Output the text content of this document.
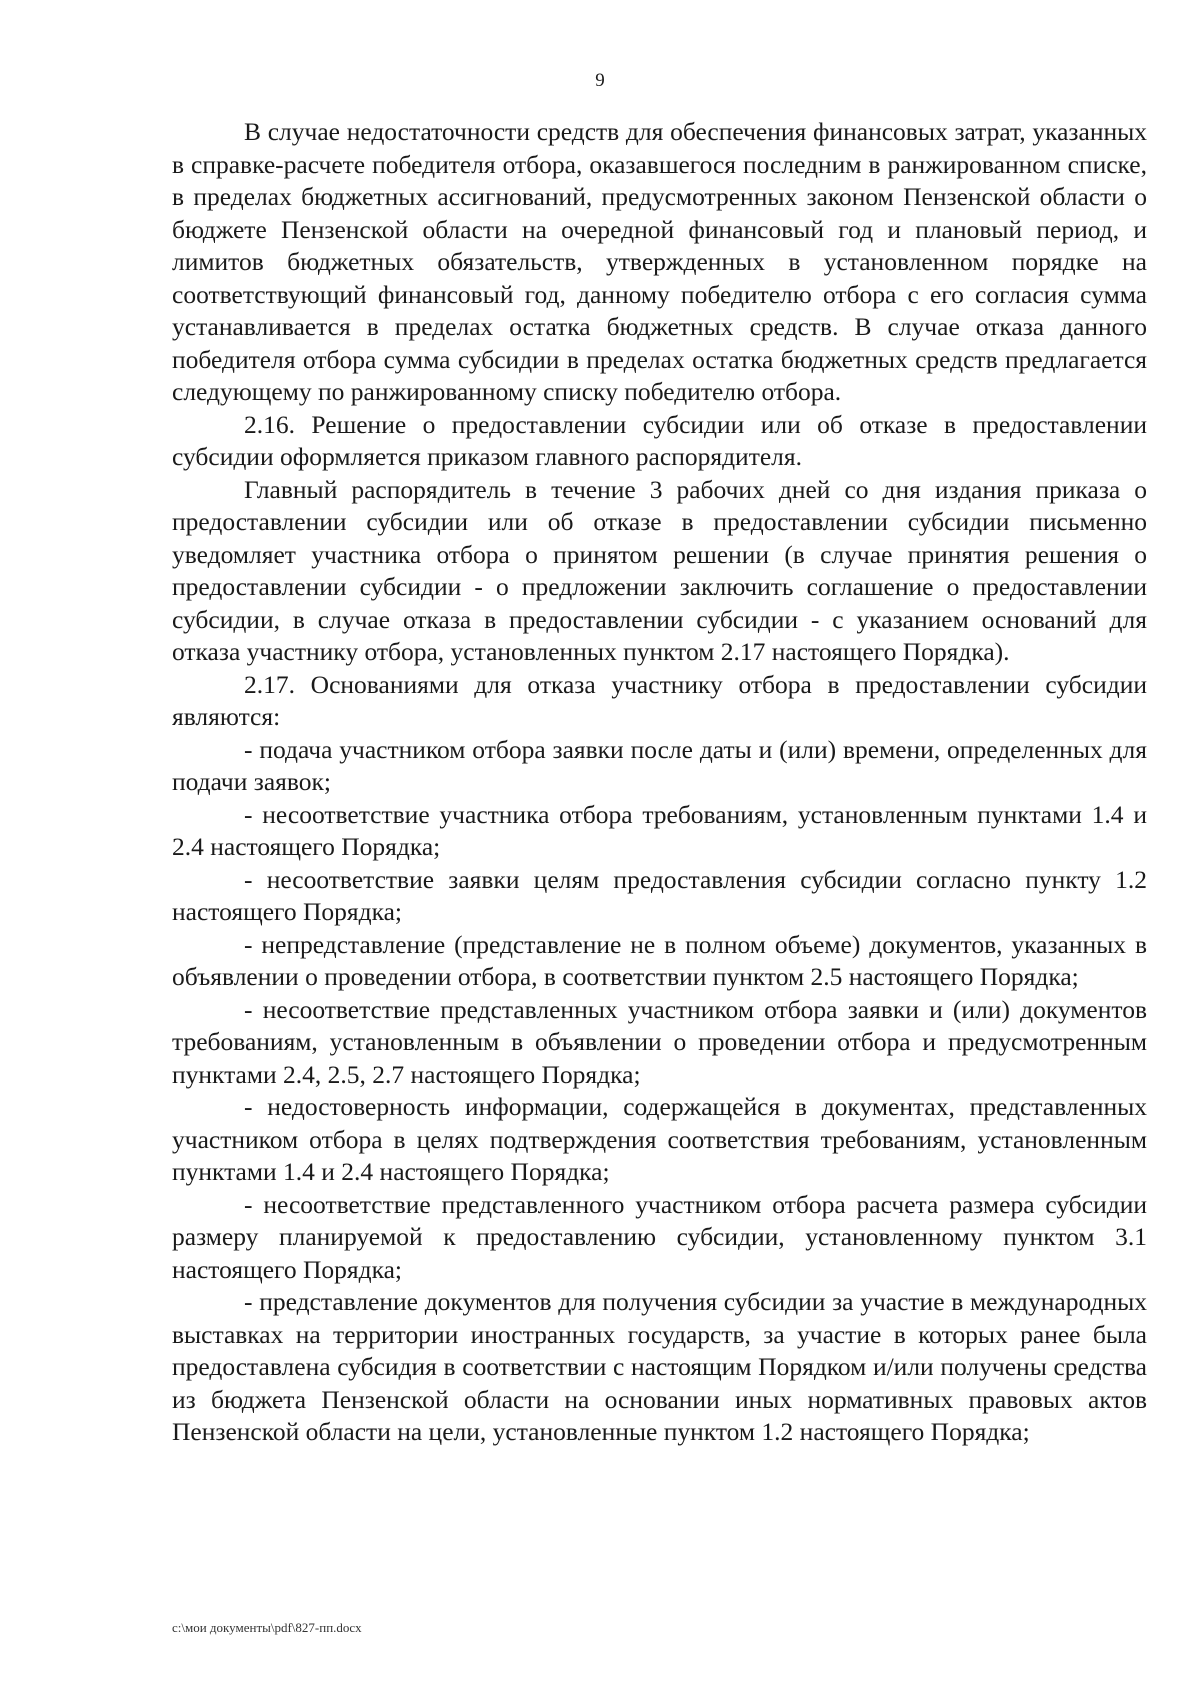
9

В случае недостаточности средств для обеспечения финансовых затрат, указанных в справке-расчете победителя отбора, оказавшегося последним в ранжированном списке, в пределах бюджетных ассигнований, предусмотренных законом Пензенской области о бюджете Пензенской области на очередной финансовый год и плановый период, и лимитов бюджетных обязательств, утвержденных в установленном порядке на соответствующий финансовый год, данному победителю отбора с его согласия сумма устанавливается в пределах остатка бюджетных средств. В случае отказа данного победителя отбора сумма субсидии в пределах остатка бюджетных средств предлагается следующему по ранжированному списку победителю отбора.

2.16. Решение о предоставлении субсидии или об отказе в предоставлении субсидии оформляется приказом главного распорядителя.

Главный распорядитель в течение 3 рабочих дней со дня издания приказа о предоставлении субсидии или об отказе в предоставлении субсидии письменно уведомляет участника отбора о принятом решении (в случае принятия решения о предоставлении субсидии - о предложении заключить соглашение о предоставлении субсидии, в случае отказа в предоставлении субсидии - с указанием оснований для отказа участнику отбора, установленных пунктом 2.17 настоящего Порядка).

2.17. Основаниями для отказа участнику отбора в предоставлении субсидии являются:

- подача участником отбора заявки после даты и (или) времени, определенных для подачи заявок;

- несоответствие участника отбора требованиям, установленным пунктами 1.4 и 2.4 настоящего Порядка;

- несоответствие заявки целям предоставления субсидии согласно пункту 1.2 настоящего Порядка;

- непредставление (представление не в полном объеме) документов, указанных в объявлении о проведении отбора, в соответствии пунктом 2.5 настоящего Порядка;

- несоответствие представленных участником отбора заявки и (или) документов требованиям, установленным в объявлении о проведении отбора и предусмотренным пунктами 2.4, 2.5, 2.7 настоящего Порядка;

- недостоверность информации, содержащейся в документах, представленных участником отбора в целях подтверждения соответствия требованиям, установленным пунктами 1.4 и 2.4 настоящего Порядка;

- несоответствие представленного участником отбора расчета размера субсидии размеру планируемой к предоставлению субсидии, установленному пунктом 3.1 настоящего Порядка;

- представление документов для получения субсидии за участие в международных выставках на территории иностранных государств, за участие в которых ранее была предоставлена субсидия в соответствии с настоящим Порядком и/или получены средства из бюджета Пензенской области на основании иных нормативных правовых актов Пензенской области на цели, установленные пунктом 1.2 настоящего Порядка;

c:\мои документы\pdf\827-пп.docx
